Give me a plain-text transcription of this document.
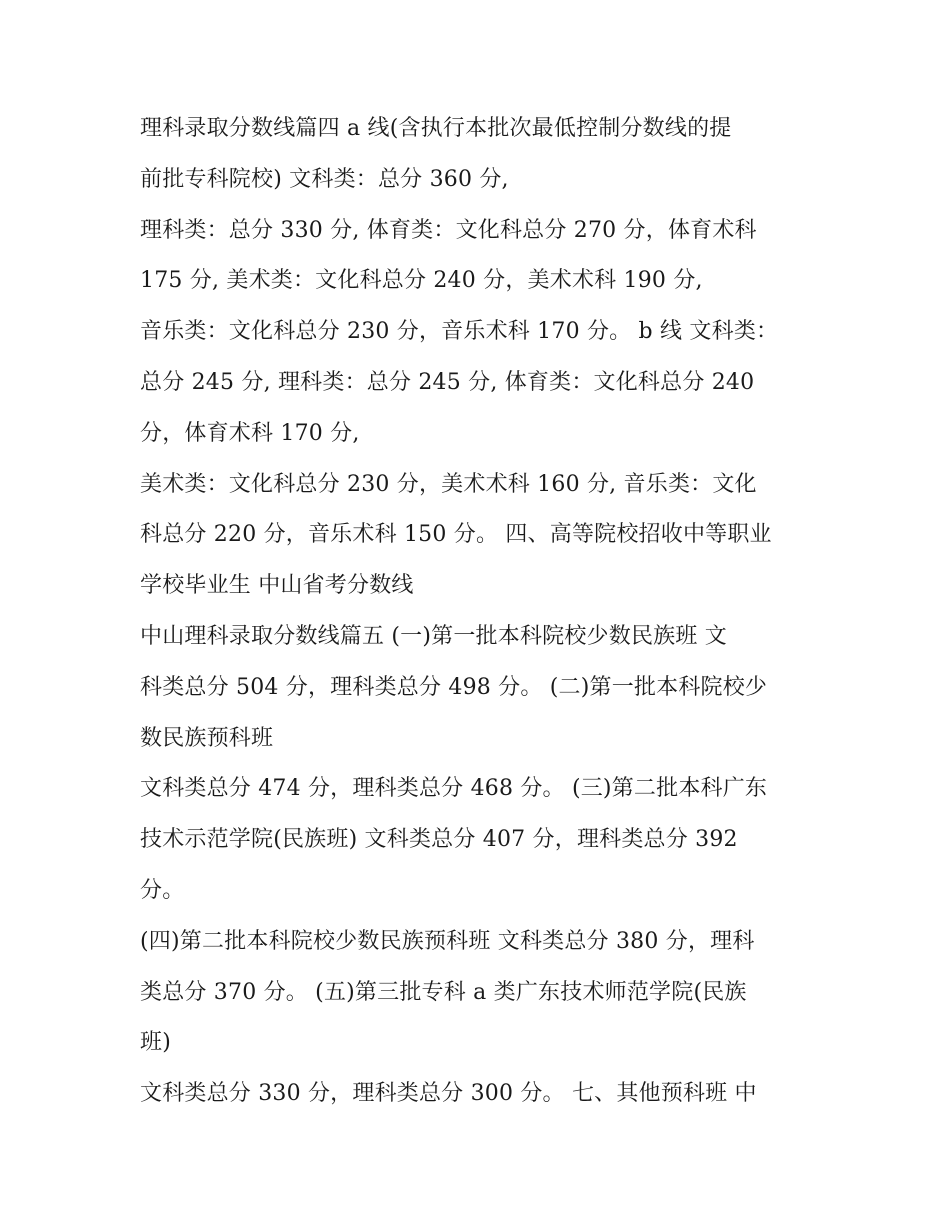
理科录取分数线篇四 a 线(含执行本批次最低控制分数线的提
前批专科院校) 文科类：总分 360 分,
理科类：总分 330 分, 体育类：文化科总分 270 分，体育术科
175 分, 美术类：文化科总分 240 分，美术术科 190 分,
音乐类：文化科总分 230 分，音乐术科 170 分。 b 线 文科类：
总分 245 分, 理科类：总分 245 分, 体育类：文化科总分 240
分，体育术科 170 分,
美术类：文化科总分 230 分，美术术科 160 分, 音乐类：文化
科总分 220 分，音乐术科 150 分。 四、高等院校招收中等职业
学校毕业生 中山省考分数线
中山理科录取分数线篇五 (一)第一批本科院校少数民族班 文
科类总分 504 分，理科类总分 498 分。 (二)第一批本科院校少
数民族预科班
文科类总分 474 分，理科类总分 468 分。 (三)第二批本科广东
技术示范学院(民族班) 文科类总分 407 分，理科类总分 392
分。
(四)第二批本科院校少数民族预科班 文科类总分 380 分，理科
类总分 370 分。 (五)第三批专科 a 类广东技术师范学院(民族
班)
文科类总分 330 分，理科类总分 300 分。 七、其他预科班 中
